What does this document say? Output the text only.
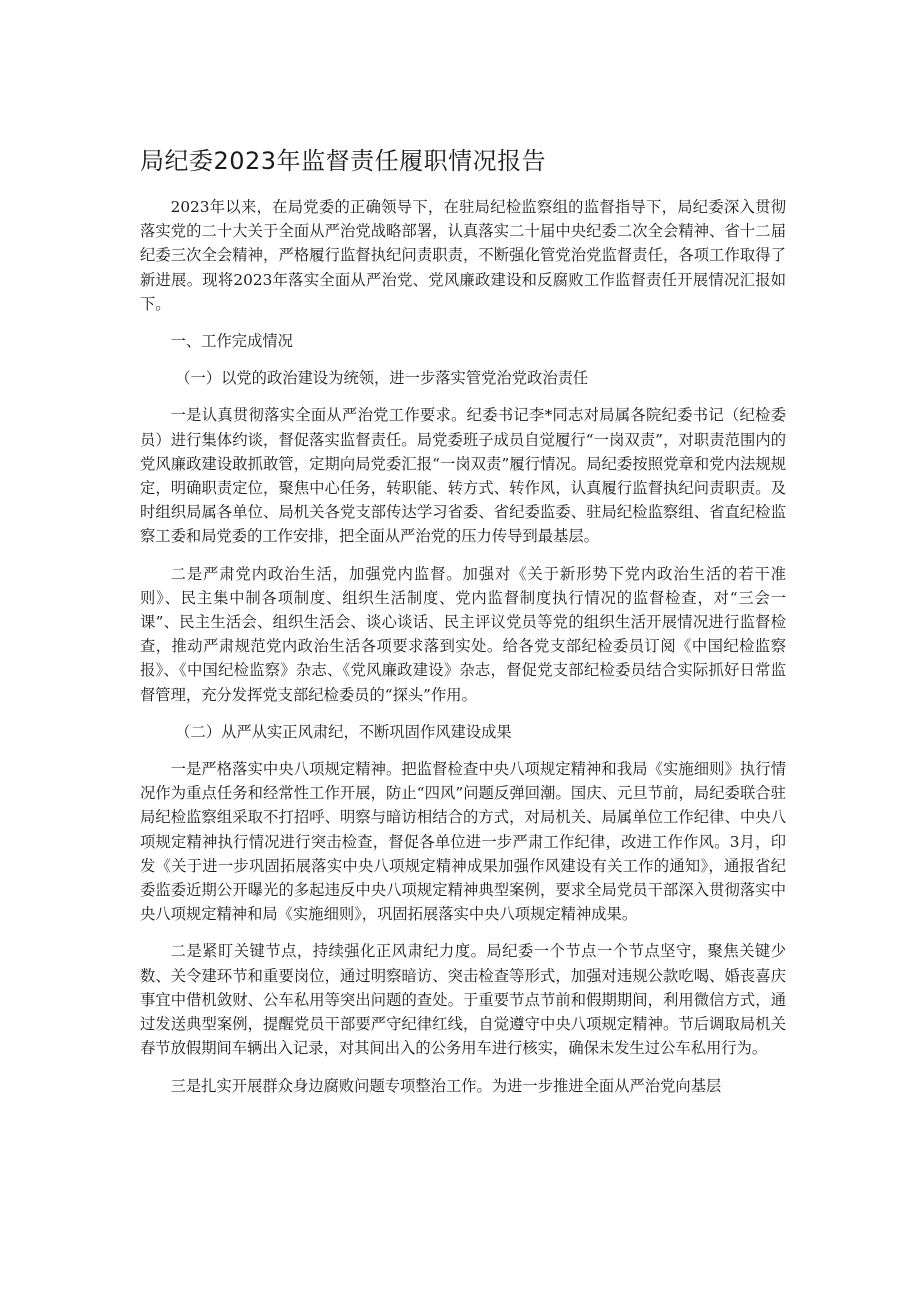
局纪委2023年监督责任履职情况报告

2023年以来，在局党委的正确领导下，在驻局纪检监察组的监督指导下，局纪委深入贯彻落实党的二十大关于全面从严治党战略部署，认真落实二十届中央纪委二次全会精神、省十二届纪委三次全会精神，严格履行监督执纪问责职责，不断强化管党治党监督责任，各项工作取得了新进展。现将2023年落实全面从严治党、党风廉政建设和反腐败工作监督责任开展情况汇报如下。

一、工作完成情况

（一）以党的政治建设为统领，进一步落实管党治党政治责任

一是认真贯彻落实全面从严治党工作要求。纪委书记李*同志对局属各院纪委书记（纪检委员）进行集体约谈，督促落实监督责任。局党委班子成员自觉履行“一岗双责”，对职责范围内的党风廉政建设敢抓敢管，定期向局党委汇报“一岗双责”履行情况。局纪委按照党章和党内法规规定，明确职责定位，聚焦中心任务，转职能、转方式、转作风，认真履行监督执纪问责职责。及时组织局属各单位、局机关各党支部传达学习省委、省纪委监委、驻局纪检监察组、省直纪检监察工委和局党委的工作安排，把全面从严治党的压力传导到最基层。

二是严肃党内政治生活，加强党内监督。加强对《关于新形势下党内政治生活的若干准则》、民主集中制各项制度、组织生活制度、党内监督制度执行情况的监督检查，对“三会一课”、民主生活会、组织生活会、谈心谈话、民主评议党员等党的组织生活开展情况进行监督检查，推动严肃规范党内政治生活各项要求落到实处。给各党支部纪检委员订阅《中国纪检监察报》、《中国纪检监察》杂志、《党风廉政建设》杂志，督促党支部纪检委员结合实际抓好日常监督管理，充分发挥党支部纪检委员的“探头”作用。

（二）从严从实正风肃纪，不断巩固作风建设成果

一是严格落实中央八项规定精神。把监督检查中央八项规定精神和我局《实施细则》执行情况作为重点任务和经常性工作开展，防止“四风”问题反弹回潮。国庆、元旦节前，局纪委联合驻局纪检监察组采取不打招呼、明察与暗访相结合的方式，对局机关、局属单位工作纪律、中央八项规定精神执行情况进行突击检查，督促各单位进一步严肃工作纪律，改进工作作风。3月，印发《关于进一步巩固拓展落实中央八项规定精神成果加强作风建设有关工作的通知》，通报省纪委监委近期公开曝光的多起违反中央八项规定精神典型案例，要求全局党员干部深入贯彻落实中央八项规定精神和局《实施细则》，巩固拓展落实中央八项规定精神成果。

二是紧盯关键节点，持续强化正风肃纪力度。局纪委一个节点一个节点坚守，聚焦关键少数、关令建环节和重要岗位，通过明察暗访、突击检查等形式，加强对违规公款吃喝、婚丧喜庆事宜中借机敛财、公车私用等突出问题的查处。于重要节点节前和假期期间，利用微信方式，通过发送典型案例，提醒党员干部要严守纪律红线，自觉遵守中央八项规定精神。节后调取局机关春节放假期间车辆出入记录，对其间出入的公务用车进行核实，确保未发生过公车私用行为。

三是扎实开展群众身边腐败问题专项整治工作。为进一步推进全面从严治党向基层
